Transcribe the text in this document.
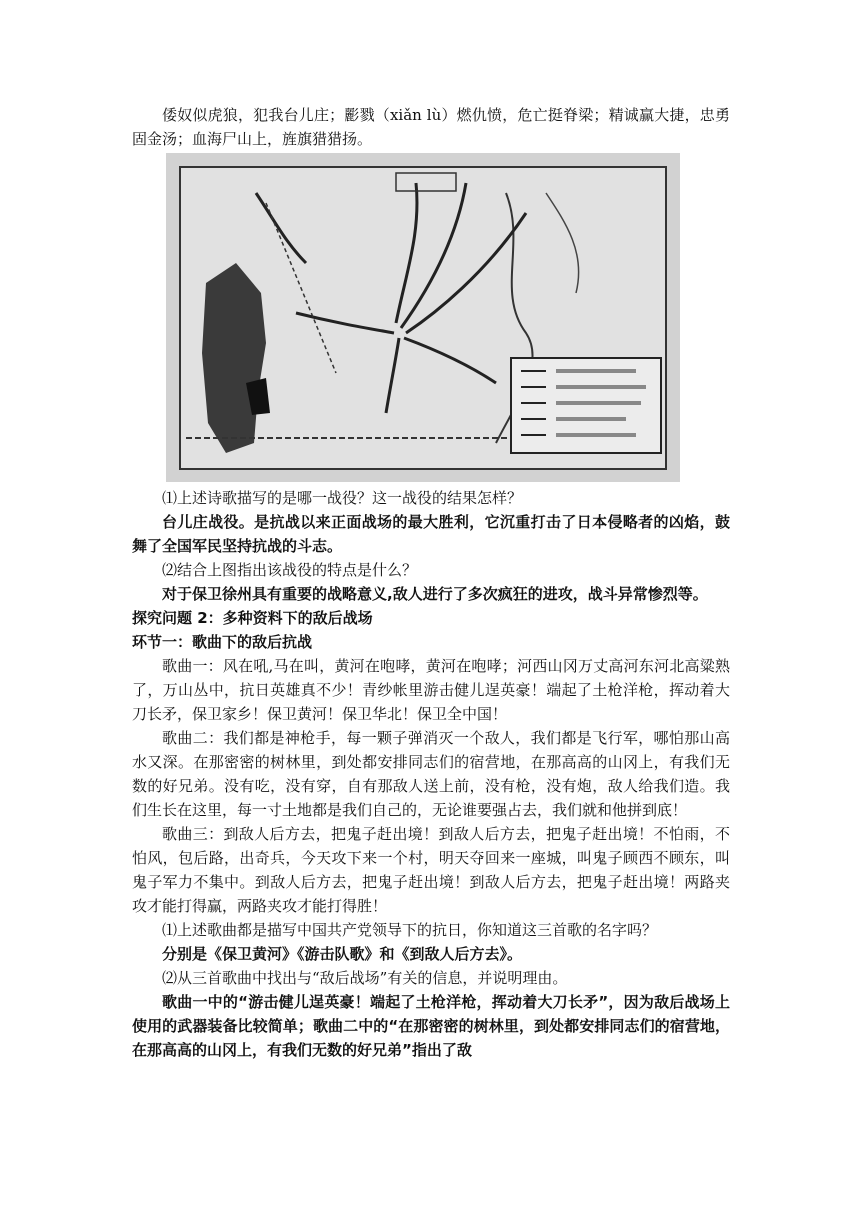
倭奴似虎狼，犯我台儿庄；彲戮（xiǎn lù）燃仇愤，危亡挺脊梁；精诚赢大捷，忠勇固金汤；血海尸山上，旌旗猎猎扬。

⑴上述诗歌描写的是哪一战役？这一战役的结果怎样？

台儿庄战役。是抗战以来正面战场的最大胜利，它沉重打击了日本侵略者的凶焰，鼓舞了全国军民坚持抗战的斗志。

⑵结合上图指出该战役的特点是什么？

对于保卫徐州具有重要的战略意义,敌人进行了多次疯狂的进攻，战斗异常惨烈等。

探究问题 2：多种资料下的敌后战场

环节一：歌曲下的敌后抗战

歌曲一：风在吼,马在叫，黄河在咆哮，黄河在咆哮；河西山冈万丈高河东河北高粱熟了，万山丛中，抗日英雄真不少！青纱帐里游击健儿逞英豪！端起了土枪洋枪，挥动着大刀长矛，保卫家乡！保卫黄河！保卫华北！保卫全中国！

歌曲二：我们都是神枪手，每一颗子弹消灭一个敌人，我们都是飞行军，哪怕那山高水又深。在那密密的树林里，到处都安排同志们的宿营地，在那高高的山冈上，有我们无数的好兄弟。没有吃，没有穿，自有那敌人送上前，没有枪，没有炮，敌人给我们造。我们生长在这里，每一寸土地都是我们自己的，无论谁要强占去，我们就和他拼到底！

歌曲三：到敌人后方去，把鬼子赶出境！到敌人后方去，把鬼子赶出境！不怕雨，不怕风，包后路，出奇兵，今天攻下来一个村，明天夺回来一座城，叫鬼子顾西不顾东，叫鬼子军力不集中。到敌人后方去，把鬼子赶出境！到敌人后方去，把鬼子赶出境！两路夹攻才能打得赢，两路夹攻才能打得胜！

⑴上述歌曲都是描写中国共产党领导下的抗日，你知道这三首歌的名字吗？

分别是《保卫黄河》《游击队歌》和《到敌人后方去》。

⑵从三首歌曲中找出与“敌后战场”有关的信息，并说明理由。

歌曲一中的“游击健儿逞英豪！端起了土枪洋枪，挥动着大刀长矛”，因为敌后战场上使用的武器装备比较简单；歌曲二中的“在那密密的树林里，到处都安排同志们的宿营地，在那高高的山冈上，有我们无数的好兄弟”指出了敌
